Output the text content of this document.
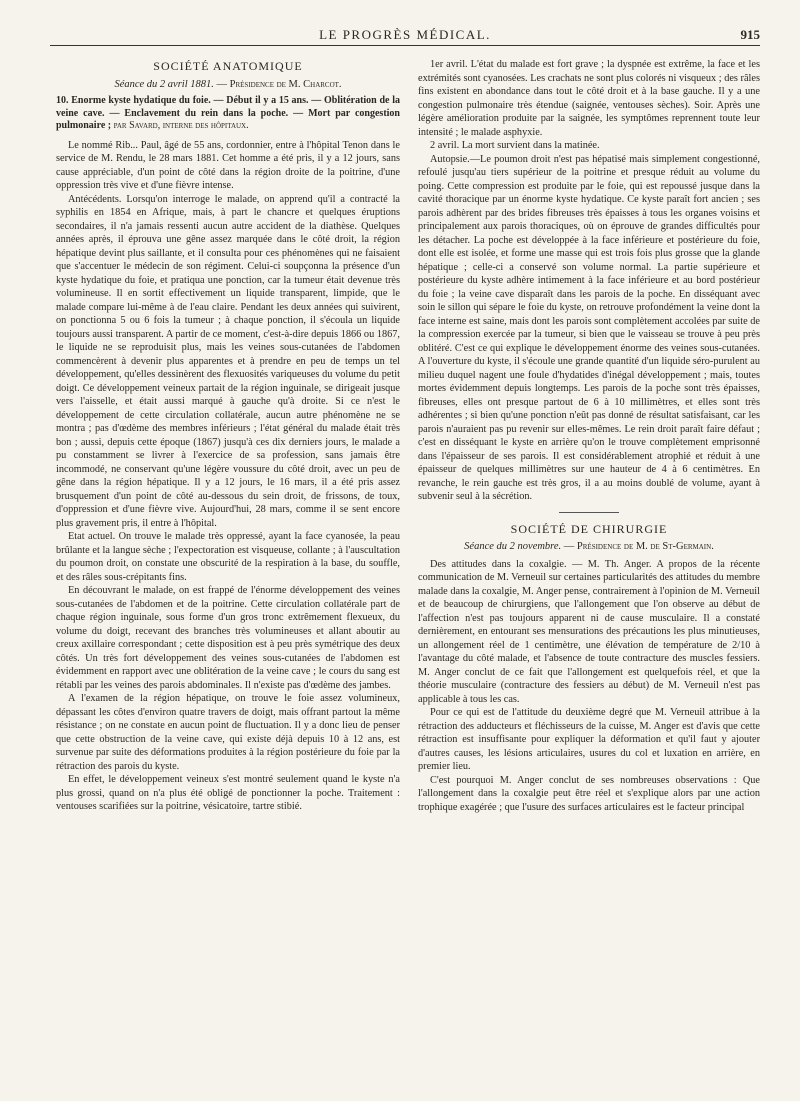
LE PROGRÈS MÉDICAL.	915
SOCIÉTÉ ANATOMIQUE
Séance du 2 avril 1881. — Présidence de M. Charcot.
10. Enorme kyste hydatique du foie. — Début il y a 15 ans. — Oblitération de la veine cave. — Enclavement du rein dans la poche. — Mort par congestion pulmonaire ; par Savard, interne des hôpitaux.

Le nommé Rib... Paul, âgé de 55 ans, cordonnier, entre à l'hôpital Tenon dans le service de M. Rendu, le 28 mars 1881. Cet homme a été pris, il y a 12 jours, sans cause appréciable, d'un point de côté dans la région droite de la poitrine, d'une oppression très vive et d'une fièvre intense.

Antécédents. Lorsqu'on interroge le malade, on apprend qu'il a contracté la syphilis en 1854 en Afrique, mais, à part le chancre et quelques éruptions secondaires, il n'a jamais ressenti aucun autre accident de la diathèse. Quelques années après, il éprouva une gêne assez marquée dans le côté droit, la région hépatique devint plus saillante, et il consulta pour ces phénomènes qui ne faisaient que s'accentuer le médecin de son régiment. Celui-ci soupçonna la présence d'un kyste hydatique du foie, et pratiqua une ponction, car la tumeur était devenue très volumineuse. Il en sortit effectivement un liquide transparent, limpide, que le malade compare lui-même à de l'eau claire. Pendant les deux années qui suivirent, on ponctionna 5 ou 6 fois la tumeur ; à chaque ponction, il s'écoula un liquide toujours aussi transparent. A partir de ce moment, c'est-à-dire depuis 1866 ou 1867, le liquide ne se reproduisit plus, mais les veines sous-cutanées de l'abdomen commencèrent à devenir plus apparentes et à prendre en peu de temps un tel développement, qu'elles dessinèrent des flexuosités variqueuses du volume du petit doigt. Ce développement veineux partait de la région inguinale, se dirigeait jusque vers l'aisselle, et était aussi marqué à gauche qu'à droite. Si ce n'est le développement de cette circulation collatérale, aucun autre phénomène ne se montra ; pas d'œdème des membres inférieurs ; l'état général du malade était très bon ; aussi, depuis cette époque (1867) jusqu'à ces dix derniers jours, le malade a pu constamment se livrer à l'exercice de sa profession, sans jamais être incommodé, ne conservant qu'une légère voussure du côté droit, avec un peu de gêne dans la région hépatique. Il y a 12 jours, le 16 mars, il a été pris assez brusquement d'un point de côté au-dessous du sein droit, de frissons, de toux, d'oppression et d'une fièvre vive. Aujourd'hui, 28 mars, comme il se sent encore plus gravement pris, il entre à l'hôpital.

Etat actuel. On trouve le malade très oppressé, ayant la face cyanosée, la peau brûlante et la langue sèche ; l'expectoration est visqueuse, collante ; à l'auscultation du poumon droit, on constate une obscurité de la respiration à la base, du souffle, et des râles sous-crépitants fins.

En découvrant le malade, on est frappé de l'énorme développement des veines sous-cutanées de l'abdomen et de la poitrine. Cette circulation collatérale part de chaque région inguinale, sous forme d'un gros tronc extrêmement flexueux, du volume du doigt, recevant des branches très volumineuses et allant aboutir au creux axillaire correspondant ; cette disposition est à peu près symétrique des deux côtés. Un très fort développement des veines sous-cutanées de l'abdomen est évidemment en rapport avec une oblitération de la veine cave ; le cours du sang est rétabli par les veines des parois abdominales. Il n'existe pas d'œdème des jambes.

A l'examen de la région hépatique, on trouve le foie assez volumineux, dépassant les côtes d'environ quatre travers de doigt, mais offrant partout la même résistance ; on ne constate en aucun point de fluctuation. Il y a donc lieu de penser que cette obstruction de la veine cave, qui existe déjà depuis 10 à 12 ans, est survenue par suite des déformations produites à la région postérieure du foie par la rétraction des parois du kyste.

En effet, le développement veineux s'est montré seulement quand le kyste n'a plus grossi, quand on n'a plus été obligé de ponctionner la poche. Traitement : ventouses scarifiées sur la poitrine, vésicatoire, tartre stibié.

1er avril. L'état du malade est fort grave ; la dyspnée est extrême, la face et les extrémités sont cyanosées. Les crachats ne sont plus colorés ni visqueux ; des râles fins existent en abondance dans tout le côté droit et à la base gauche. Il y a une congestion pulmonaire très étendue (saignée, ventouses sèches). Soir. Après une légère amélioration produite par la saignée, les symptômes reprennent toute leur intensité ; le malade asphyxie.

2 avril. La mort survient dans la matinée.

Autopsie.—Le poumon droit n'est pas hépatisé mais simplement congestionné, refoulé jusqu'au tiers supérieur de la poitrine et presque réduit au volume du poing. Cette compression est produite par le foie, qui est repoussé jusque dans la cavité thoracique par un énorme kyste hydatique. Ce kyste paraît fort ancien ; ses parois adhèrent par des brides fibreuses très épaisses à tous les organes voisins et principalement aux parois thoraciques, où on éprouve de grandes difficultés pour les détacher. La poche est développée à la face inférieure et postérieure du foie, dont elle est isolée, et forme une masse qui est trois fois plus grosse que la glande hépatique ; celle-ci a conservé son volume normal. La partie supérieure et postérieure du kyste adhère intimement à la face inférieure et au bord postérieur du foie ; la veine cave disparaît dans les parois de la poche. En disséquant avec soin le sillon qui sépare le foie du kyste, on retrouve profondément la veine dont la face interne est saine, mais dont les parois sont complètement accolées par suite de la compression exercée par la tumeur, si bien que le vaisseau se trouve à peu près oblitéré. C'est ce qui explique le développement énorme des veines sous-cutanées. A l'ouverture du kyste, il s'écoule une grande quantité d'un liquide séro-purulent au milieu duquel nagent une foule d'hydatides d'inégal développement ; mais, toutes mortes évidemment depuis longtemps. Les parois de la poche sont très épaisses, fibreuses, elles ont presque partout de 6 à 10 millimètres, et elles sont très adhérentes ; si bien qu'une ponction n'eût pas donné de résultat satisfaisant, car les parois n'auraient pas pu revenir sur elles-mêmes. Le rein droit paraît faire défaut ; c'est en disséquant le kyste en arrière qu'on le trouve complètement emprisonné dans l'épaisseur de ses parois. Il est considérablement atrophié et réduit à une épaisseur de quelques millimètres sur une hauteur de 4 à 6 centimètres. En revanche, le rein gauche est très gros, il a au moins doublé de volume, ayant à subvenir seul à la sécrétion.

SOCIÉTÉ DE CHIRURGIE
Séance du 2 novembre. — Présidence de M. de St-Germain.

Des attitudes dans la coxalgie. — M. Th. Anger. A propos de la récente communication de M. Verneuil sur certaines particularités des attitudes du membre malade dans la coxalgie, M. Anger pense, contrairement à l'opinion de M. Verneuil et de beaucoup de chirurgiens, que l'allongement que l'on observe au début de l'affection n'est pas toujours apparent ni de cause musculaire. Il a constaté dernièrement, en entourant ses mensurations des précautions les plus minutieuses, un allongement réel de 1 centimètre, une élévation de température de 2/10 à l'avantage du côté malade, et l'absence de toute contracture des muscles fessiers. M. Anger conclut de ce fait que l'allongement est quelquefois réel, et que la théorie musculaire (contracture des fessiers au début) de M. Verneuil n'est pas applicable à tous les cas.

Pour ce qui est de l'attitude du deuxième degré que M. Verneuil attribue à la rétraction des adducteurs et fléchisseurs de la cuisse, M. Anger est d'avis que cette rétraction est insuffisante pour expliquer la déformation et qu'il faut y ajouter d'autres causes, les lésions articulaires, usures du col et luxation en arrière, en premier lieu.

C'est pourquoi M. Anger conclut de ses nombreuses observations : Que l'allongement dans la coxalgie peut être réel et s'explique alors par une action trophique exagérée ; que l'usure des surfaces articulaires est le facteur principal
